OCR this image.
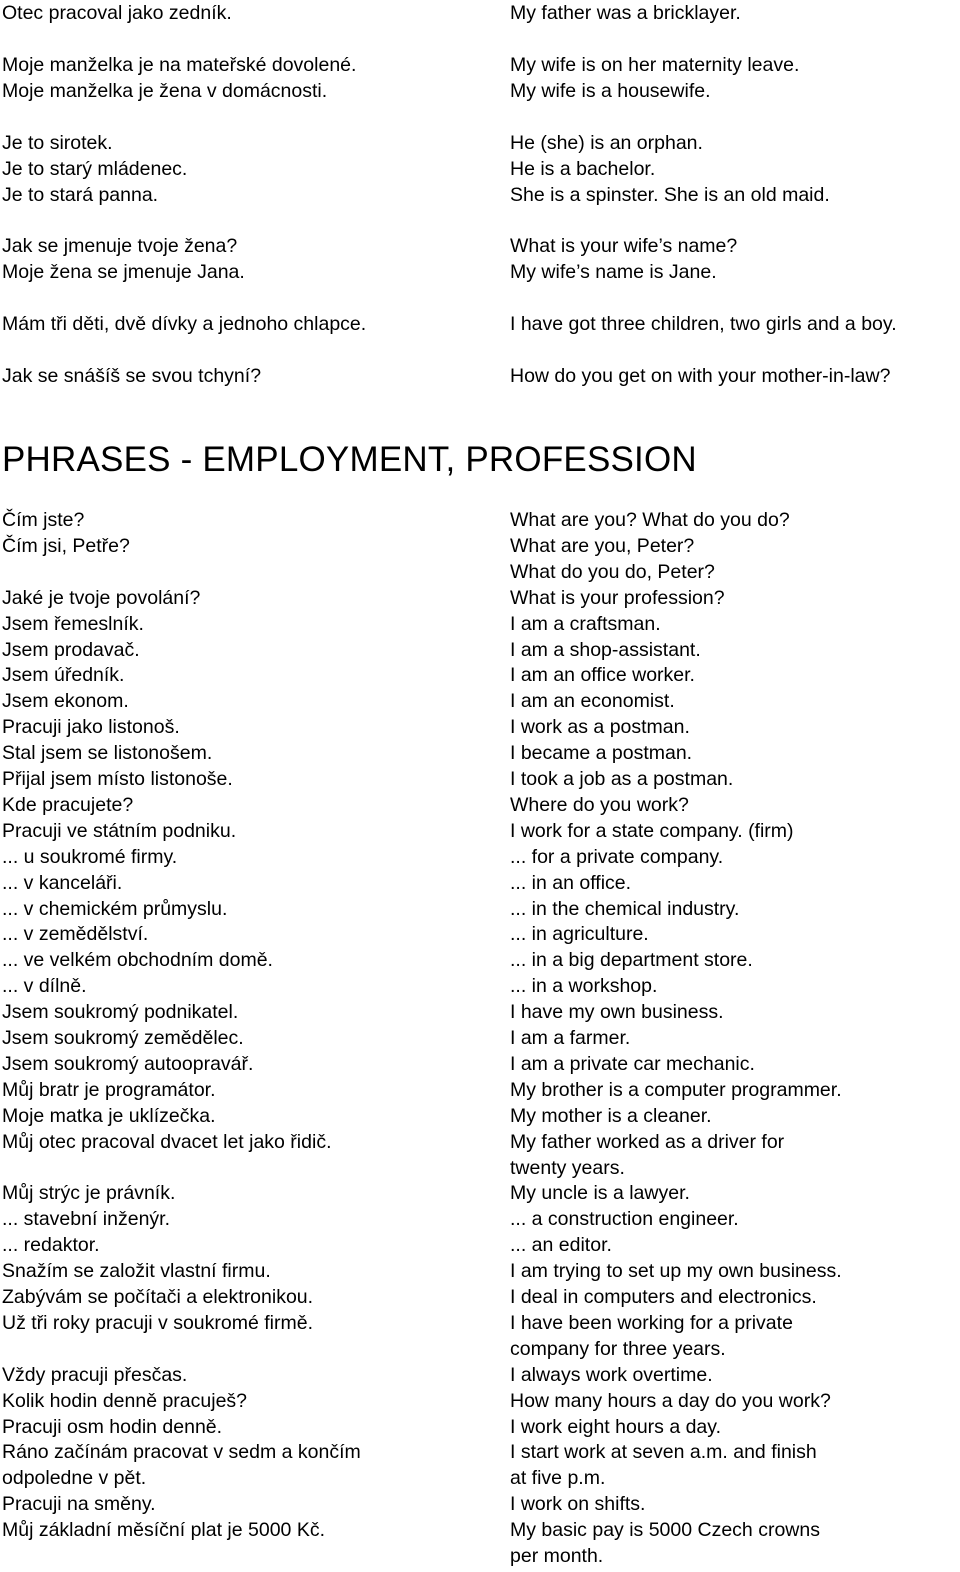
Otec pracoval jako zedník.
Moje manželka je na mateřské dovolené.
Moje manželka je žena v domácnosti.
Je to sirotek.
Je to starý mládenec.
Je to stará panna.
Jak se jmenuje tvoje žena?
Moje žena se jmenuje Jana.
Mám tři děti, dvě dívky a jednoho chlapce.
Jak se snášíš se svou tchyní?
My father was a bricklayer.
My wife is on her maternity leave.
My wife is a housewife.
He (she) is an orphan.
He is a bachelor.
She is a spinster. She is an old maid.
What is your wife’s name?
My wife’s name is Jane.
I have got three children, two girls and a boy.
How do you get on with your mother-in-law?
PHRASES - EMPLOYMENT, PROFESSION
Čím jste?
Čím jsi, Petře?
Jaké je tvoje povolání?
Jsem řemeslník.
Jsem prodavač.
Jsem úředník.
Jsem ekonom.
Pracuji jako listonoš.
Stal jsem se listonošem.
Přijal jsem místo listonoše.
Kde pracujete?
Pracuji ve státním podniku.
... u soukromé firmy.
... v kanceláři.
... v chemickém průmyslu.
... v zemědělství.
... ve velkém obchodním domě.
... v dílně.
Jsem soukromý podnikatel.
Jsem soukromý zemědělec.
Jsem soukromý autoopravář.
Můj bratr je programátor.
Moje matka je uklízečka.
Můj otec pracoval dvacet let jako řidič.
Můj strýc je právník.
... stavební inženýr.
... redaktor.
Snažím se založit vlastní firmu.
Zabývám se počítači a elektronikou.
Už tři roky pracuji v soukromé firmě.
Vždy pracuji přesčas.
Kolik hodin denně pracuješ?
Pracuji osm hodin denně.
Ráno začínám pracovat v sedm a končím
odpoledne v pět.
Pracuji na směny.
Můj základní měsíční plat je 5000 Kč.
What are you? What do you do?
What are you, Peter?
What do you do, Peter?
What is your profession?
I am a craftsman.
I am a shop-assistant.
I am an office worker.
I am an economist.
I work as a postman.
I became a postman.
I took a job as a postman.
Where do you work?
I work for a state company. (firm)
... for a private company.
... in an office.
... in the chemical industry.
... in agriculture.
... in a big department store.
... in a workshop.
I have my own business.
I am a farmer.
I am a private car mechanic.
My brother is a computer programmer.
My mother is a cleaner.
My father worked as a driver for
twenty years.
My uncle is a lawyer.
... a construction engineer.
... an editor.
I am trying to set up my own business.
I deal in computers and electronics.
I have been working for a private
company for three years.
I always work overtime.
How many hours a day do you work?
I work eight hours a day.
I start work at seven a.m. and finish
at five p.m.
I work on shifts.
My basic pay is 5000 Czech crowns
per month.
